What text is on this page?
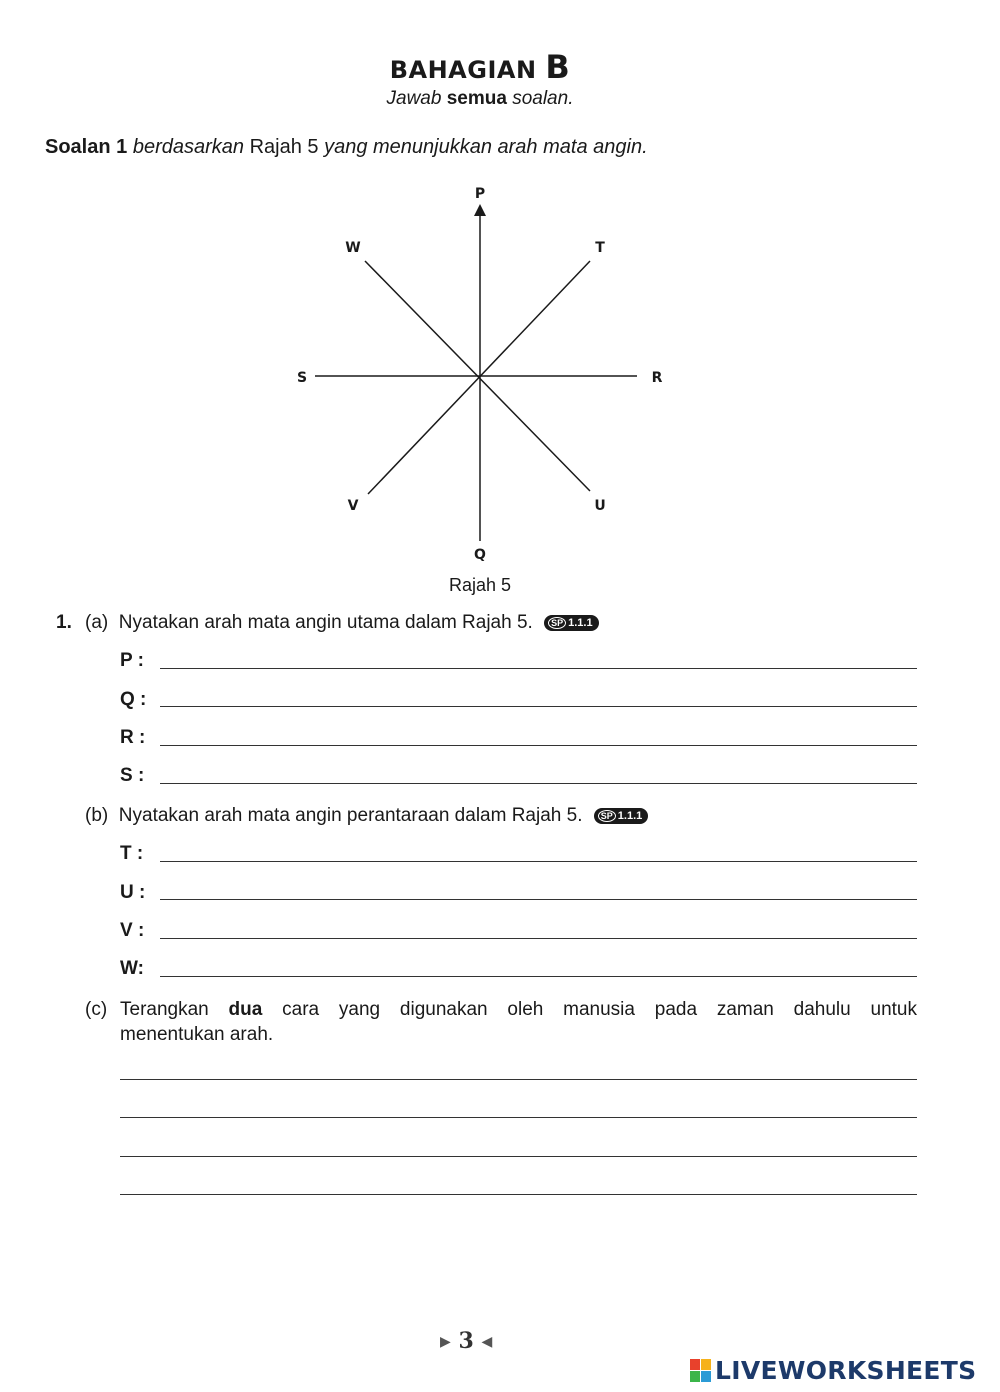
BAHAGIAN B
Jawab semua soalan.
Soalan 1 berdasarkan Rajah 5 yang menunjukkan arah mata angin.
P
Q
R
S
T
U
V
W
Rajah 5
1. (a) Nyatakan arah mata angin utama dalam Rajah 5. SP 1.1.1
P :
Q :
R :
S :
(b) Nyatakan arah mata angin perantaraan dalam Rajah 5. SP 1.1.1
T :
U :
V :
W:
(c) Terangkan dua cara yang digunakan oleh manusia pada zaman dahulu untuk
menentukan arah.
▶ 3 ◀
LIVEWORKSHEETS
